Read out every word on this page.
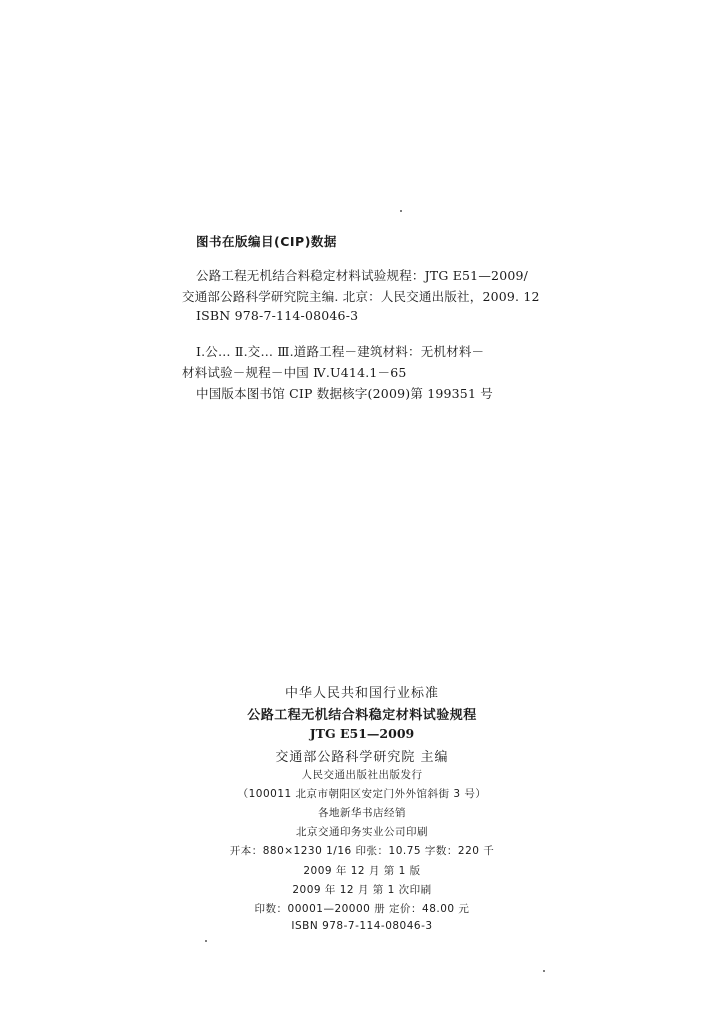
图书在版编目(CIP)数据
公路工程无机结合料稳定材料试验规程：JTG E51—2009/
交通部公路科学研究院主编. 北京：人民交通出版社，2009. 12
ISBN 978-7-114-08046-3
Ⅰ.公… Ⅱ.交… Ⅲ.道路工程－建筑材料：无机材料－
材料试验－规程－中国 Ⅳ.U414.1－65
中国版本图书馆 CIP 数据核字(2009)第 199351 号
中华人民共和国行业标准
公路工程无机结合料稳定材料试验规程
JTG E51—2009
交通部公路科学研究院 主编
人民交通出版社出版发行
（100011 北京市朝阳区安定门外外馆斜街 3 号）
各地新华书店经销
北京交通印务实业公司印刷
开本：880×1230 1/16 印张：10.75 字数：220 千
2009 年 12 月 第 1 版
2009 年 12 月 第 1 次印刷
印数：00001—20000 册 定价：48.00 元
ISBN 978-7-114-08046-3
